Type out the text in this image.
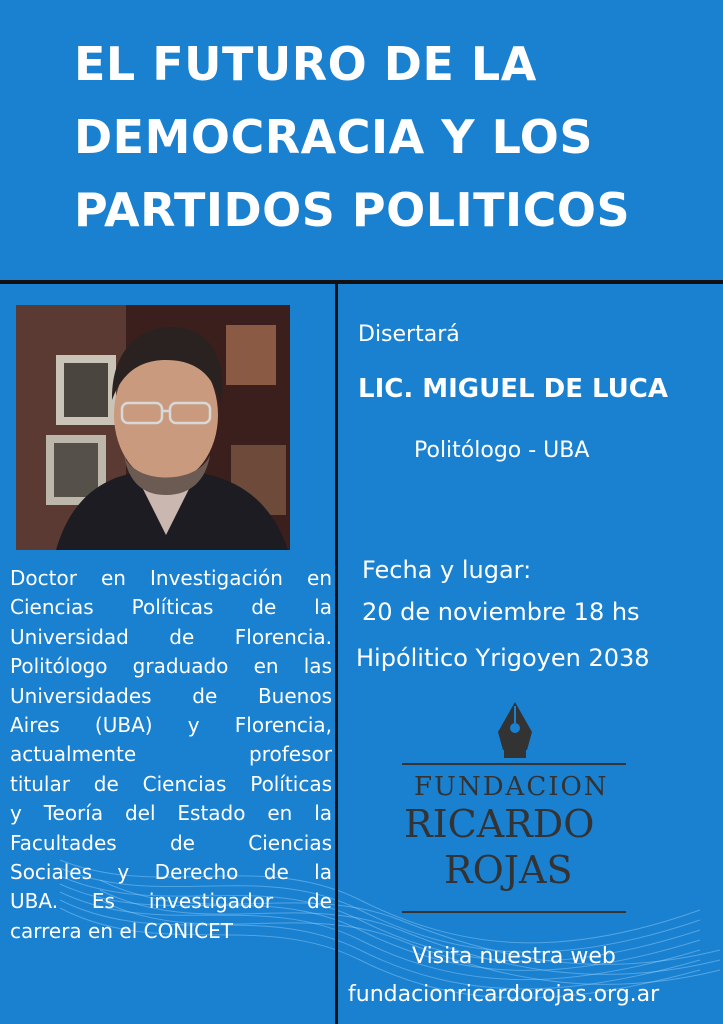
EL FUTURO DE LA
DEMOCRACIA Y LOS
PARTIDOS POLITICOS
Doctor en Investigación en
Ciencias Políticas de la
Universidad de Florencia.
Politólogo graduado en las
Universidades de Buenos
Aires (UBA) y Florencia,
actualmente profesor
titular de Ciencias Políticas
y Teoría del Estado en la
Facultades de Ciencias
Sociales y Derecho de la
UBA. Es investigador de
carrera en el CONICET
Disertará
LIC. MIGUEL DE LUCA
Politólogo - UBA
Fecha y lugar:
20 de noviembre 18 hs
Hipólitico Yrigoyen 2038
FUNDACION
RICARDO
ROJAS
Visita nuestra web
fundacionricardorojas.org.ar
